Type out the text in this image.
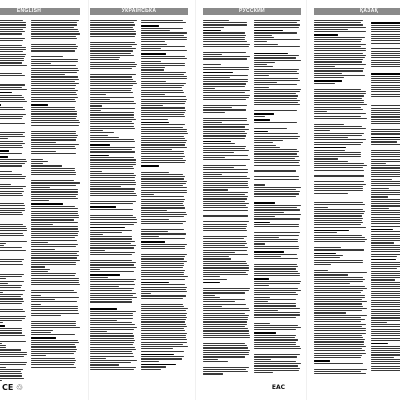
ENGLISH
CE ♲
УКРАЇНСЬКА	РУССКИЙ
EAC
ҚАЗАҚ
